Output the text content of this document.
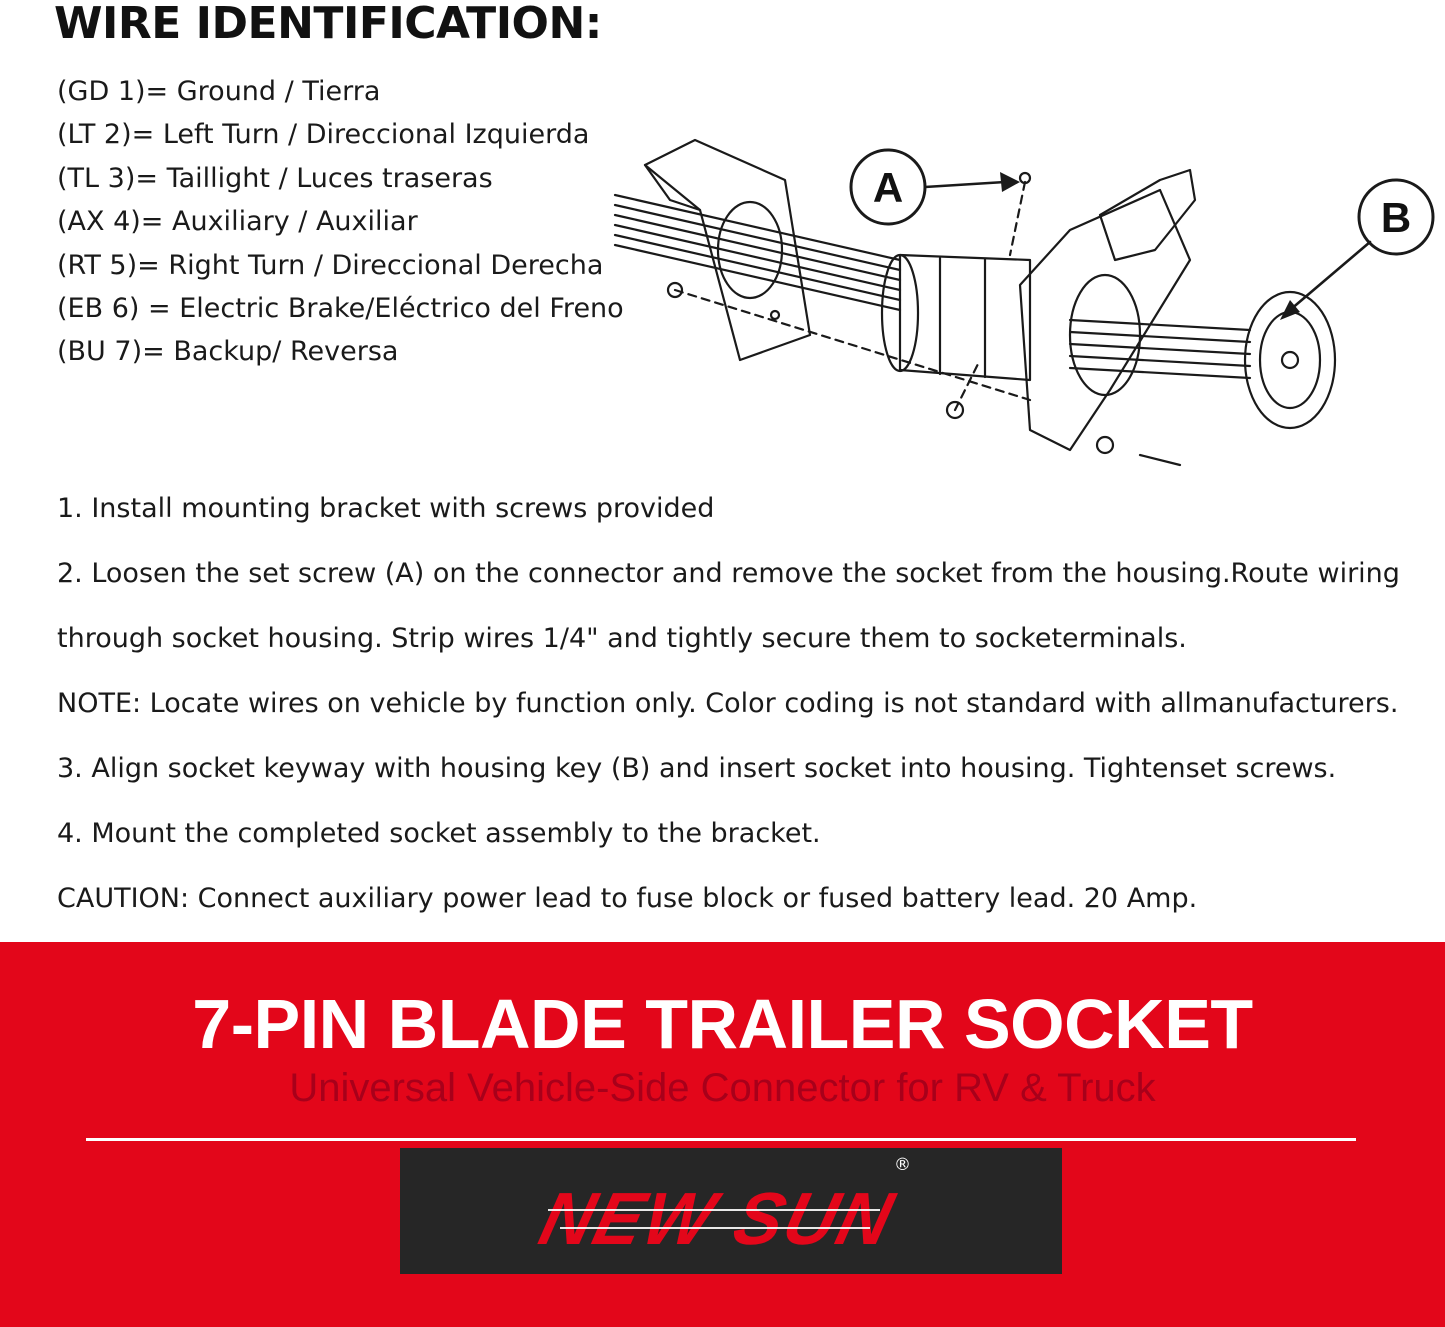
WIRE IDENTIFICATION:
(GD 1)= Ground / Tierra
(LT 2)= Left Turn / Direccional Izquierda
(TL 3)= Taillight / Luces traseras
(AX 4)= Auxiliary / Auxiliar
(RT 5)= Right Turn / Direccional Derecha
(EB 6) = Electric Brake/Eléctrico del Freno
(BU 7)= Backup/ Reversa
A
B

1. Install mounting bracket with screws provided

2. Loosen the set screw (A) on the connector and remove the socket from the housing.Route wiring

through socket housing. Strip wires 1/4" and tightly secure them to socketerminals.

NOTE: Locate wires on vehicle by function only. Color coding is not standard with allmanufacturers.

3. Align socket keyway with housing key (B) and insert socket into housing. Tightenset screws.

4. Mount the completed socket assembly to the bracket.

CAUTION: Connect auxiliary power lead to fuse block or fused battery lead. 20 Amp.

7-PIN BLADE TRAILER SOCKET

Universal Vehicle-Side Connector for RV & Truck

NEW SUN
®
